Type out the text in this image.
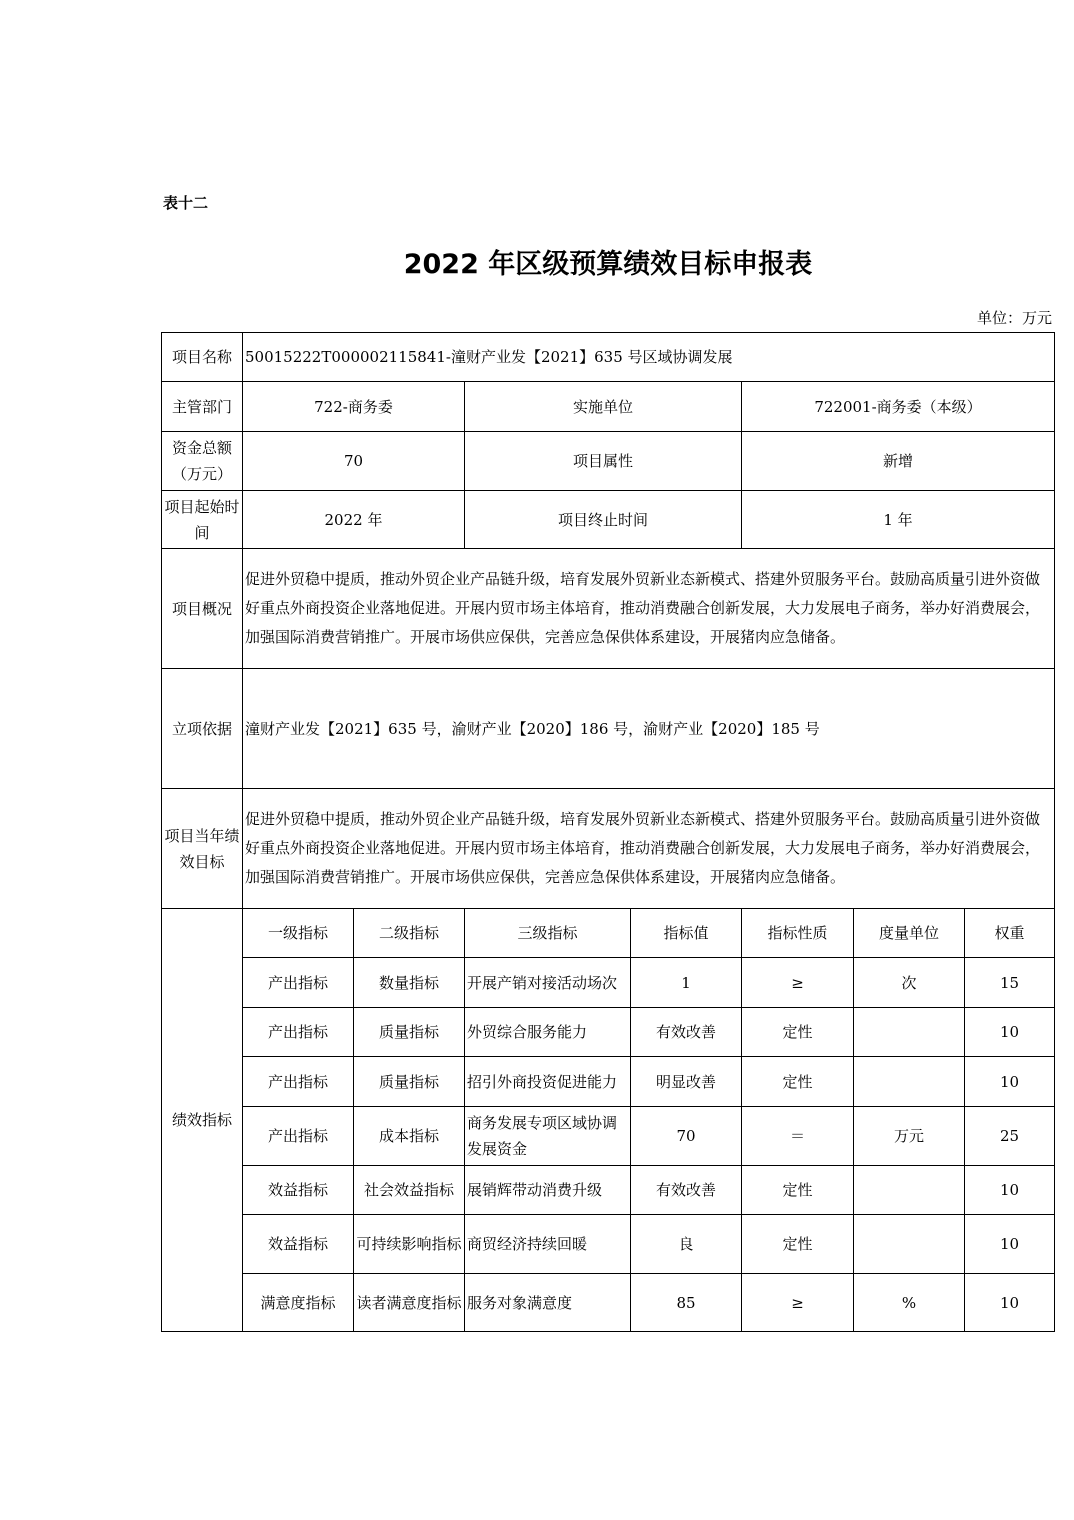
表十二
2022 年区级预算绩效目标申报表
单位：万元
项目名称	50015222T000002115841-潼财产业发【2021】635 号区域协调发展						
主管部门	722-商务委		实施单位		722001-商务委（本级）		
资金总额（万元）	70		项目属性		新增		
项目起始时间	2022 年		项目终止时间		1 年		
项目概况	促进外贸稳中提质，推动外贸企业产品链升级，培育发展外贸新业态新模式、搭建外贸服务平台。鼓励高质量引进外资做好重点外商投资企业落地促进。开展内贸市场主体培育，推动消费融合创新发展，大力发展电子商务，举办好消费展会，加强国际消费营销推广。开展市场供应保供，完善应急保供体系建设，开展猪肉应急储备。						
立项依据	潼财产业发【2021】635 号，渝财产业【2020】186 号，渝财产业【2020】185 号						
项目当年绩效目标	促进外贸稳中提质，推动外贸企业产品链升级，培育发展外贸新业态新模式、搭建外贸服务平台。鼓励高质量引进外资做好重点外商投资企业落地促进。开展内贸市场主体培育，推动消费融合创新发展，大力发展电子商务，举办好消费展会，加强国际消费营销推广。开展市场供应保供，完善应急保供体系建设，开展猪肉应急储备。						
绩效指标	一级指标	二级指标	三级指标	指标值	指标性质	度量单位	权重
	产出指标	数量指标	开展产销对接活动场次	1	≥	次	15
	产出指标	质量指标	外贸综合服务能力	有效改善	定性		10
	产出指标	质量指标	招引外商投资促进能力	明显改善	定性		10
	产出指标	成本指标	商务发展专项区域协调发展资金	70	＝	万元	25
	效益指标	社会效益指标	展销辉带动消费升级	有效改善	定性		10
	效益指标	可持续影响指标	商贸经济持续回暖	良	定性		10
	满意度指标	读者满意度指标	服务对象满意度	85	≥	%	10
